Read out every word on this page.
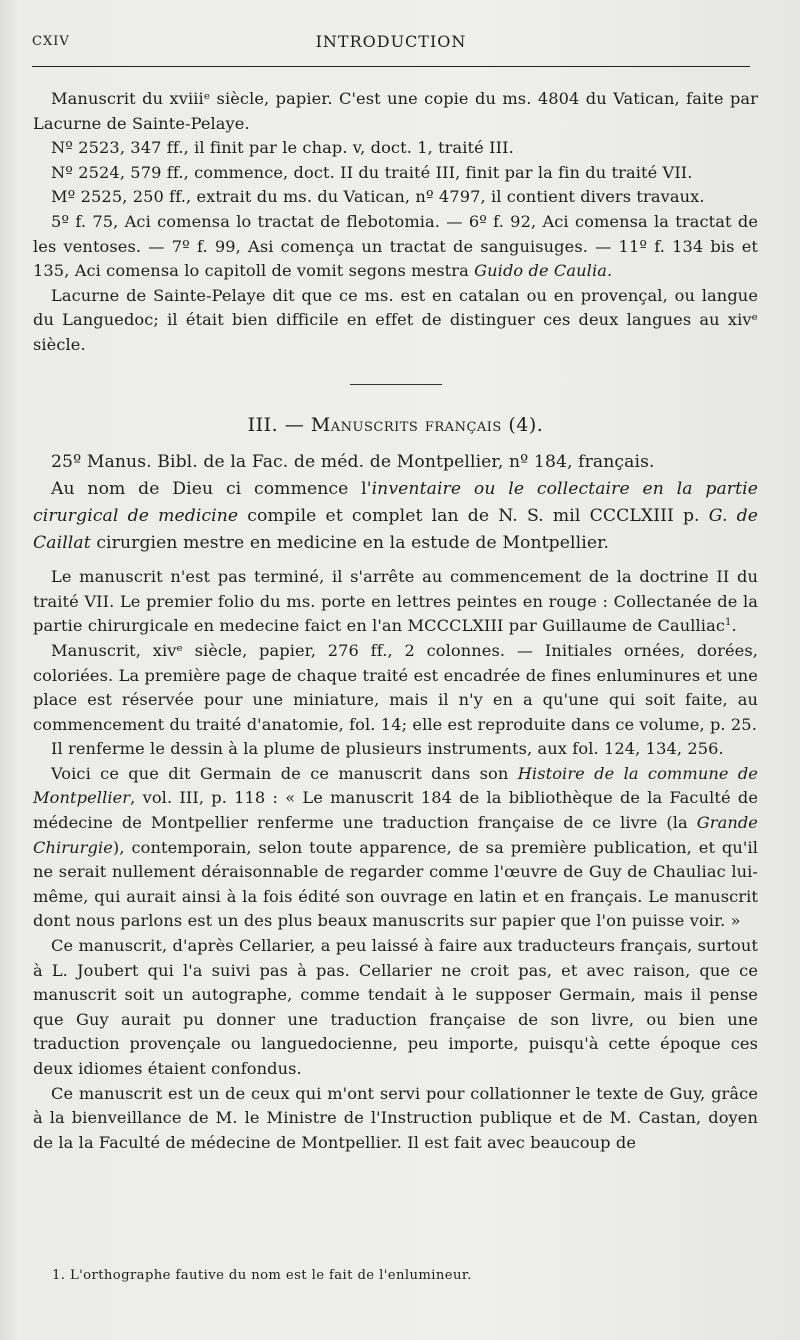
CXIV	INTRODUCTION

Manuscrit du xviiiᵉ siècle, papier. C'est une copie du ms. 4804 du Vatican, faite par Lacurne de Sainte-Pelaye.

Nº 2523, 347 ff., il finit par le chap. v, doct. 1, traité III.

Nº 2524, 579 ff., commence, doct. II du traité III, finit par la fin du traité VII.

Mº 2525, 250 ff., extrait du ms. du Vatican, nº 4797, il contient divers travaux.

5º f. 75, Aci comensa lo tractat de flebotomia. — 6º f. 92, Aci comensa la tractat de les ventoses. — 7º f. 99, Asi començа un tractat de sanguisuges. — 11º f. 134 bis et 135, Aci comensa lo capitoll de vomit segons mestra Guido de Caulia.

Lacurne de Sainte-Pelaye dit que ce ms. est en catalan ou en provençal, ou langue du Languedoc; il était bien difficile en effet de distinguer ces deux langues au xivᵉ siècle.

III. — Manuscrits français (4).

25º Manus. Bibl. de la Fac. de méd. de Montpellier, nº 184, français.

Au nom de Dieu ci commence l'inventaire ou le collectaire en la partie cirurgical de medicine compile et complet lan de N. S. mil CCCLXIII p. G. de Caillat cirurgien mestre en medicine en la estude de Montpellier.

Le manuscrit n'est pas terminé, il s'arrête au commencement de la doctrine II du traité VII. Le premier folio du ms. porte en lettres peintes en rouge : Collectanée de la partie chirurgicale en medecine faict en l'an MCCCLXIII par Guillaume de Caulliac$^1$.

Manuscrit, xivᵉ siècle, papier, 276 ff., 2 colonnes. — Initiales ornées, dorées, coloriées. La première page de chaque traité est encadrée de fines enluminures et une place est réservée pour une miniature, mais il n'y en a qu'une qui soit faite, au commencement du traité d'anatomie, fol. 14; elle est reproduite dans ce volume, p. 25.

Il renferme le dessin à la plume de plusieurs instruments, aux fol. 124, 134, 256.

Voici ce que dit Germain de ce manuscrit dans son Histoire de la commune de Montpellier, vol. III, p. 118 : « Le manuscrit 184 de la bibliothèque de la Faculté de médecine de Montpellier renferme une traduction française de ce livre (la Grande Chirurgie), contemporain, selon toute apparence, de sa première publication, et qu'il ne serait nullement déraisonnable de regarder comme l'œuvre de Guy de Chauliac lui-même, qui aurait ainsi à la fois édité son ouvrage en latin et en français. Le manuscrit dont nous parlons est un des plus beaux manuscrits sur papier que l'on puisse voir. »

Ce manuscrit, d'après Cellarier, a peu laissé à faire aux traducteurs français, surtout à L. Joubert qui l'a suivi pas à pas. Cellarier ne croit pas, et avec raison, que ce manuscrit soit un autographe, comme tendait à le supposer Germain, mais il pense que Guy aurait pu donner une traduction française de son livre, ou bien une traduction provençale ou languedocienne, peu importe, puisqu'à cette époque ces deux idiomes étaient confondus.

Ce manuscrit est un de ceux qui m'ont servi pour collationner le texte de Guy, grâce à la bienveillance de M. le Ministre de l'Instruction publique et de M. Castan, doyen de la la Faculté de médecine de Montpellier. Il est fait avec beaucoup de

1. L'orthographe fautive du nom est le fait de l'enlumineur.
